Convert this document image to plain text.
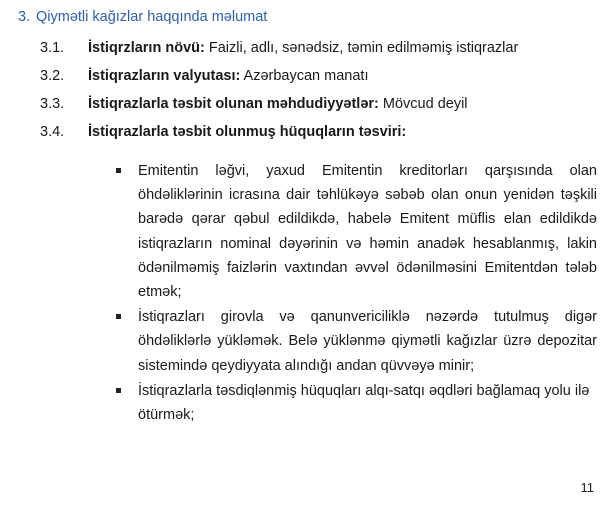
3. Qiymətli kağızlar haqqında məlumat
3.1. İstiqrzların növü: Faizli, adlı, sənədsiz, təmin edilməmiş istiqrazlar
3.2. İstiqrazların valyutası: Azərbaycan manatı
3.3. İstiqrazlarla təsbit olunan məhdudiyyətlər: Mövcud deyil
3.4. İstiqrazlarla təsbit olunmuş hüquqların təsviri:
Emitentin ləğvi, yaxud Emitentin kreditorları qarşısında olan öhdəliklərinin icrasına dair təhlükəyə səbəb olan onun yenidən təşkili barədə qərar qəbul edildikdə, habelə Emitent müflis elan edildikdə istiqrazların nominal dəyərinin və həmin anadək hesablanmış, lakin ödənilməmiş faizlərin vaxtından əvvəl ödənilməsini Emitentdən tələb etmək;
İstiqrazları girovla və qanunvericiliklə nəzərdə tutulmuş digər öhdəliklərlə yükləmək. Belə yüklənmə qiymətli kağızlar üzrə depozitar sistemində qeydiyyata alındığı andan qüvvəyə minir;
İstiqrazlarla təsdiqlənmiş hüquqları alqı-satqı əqdləri bağlamaq yolu ilə ötürmək;
11
